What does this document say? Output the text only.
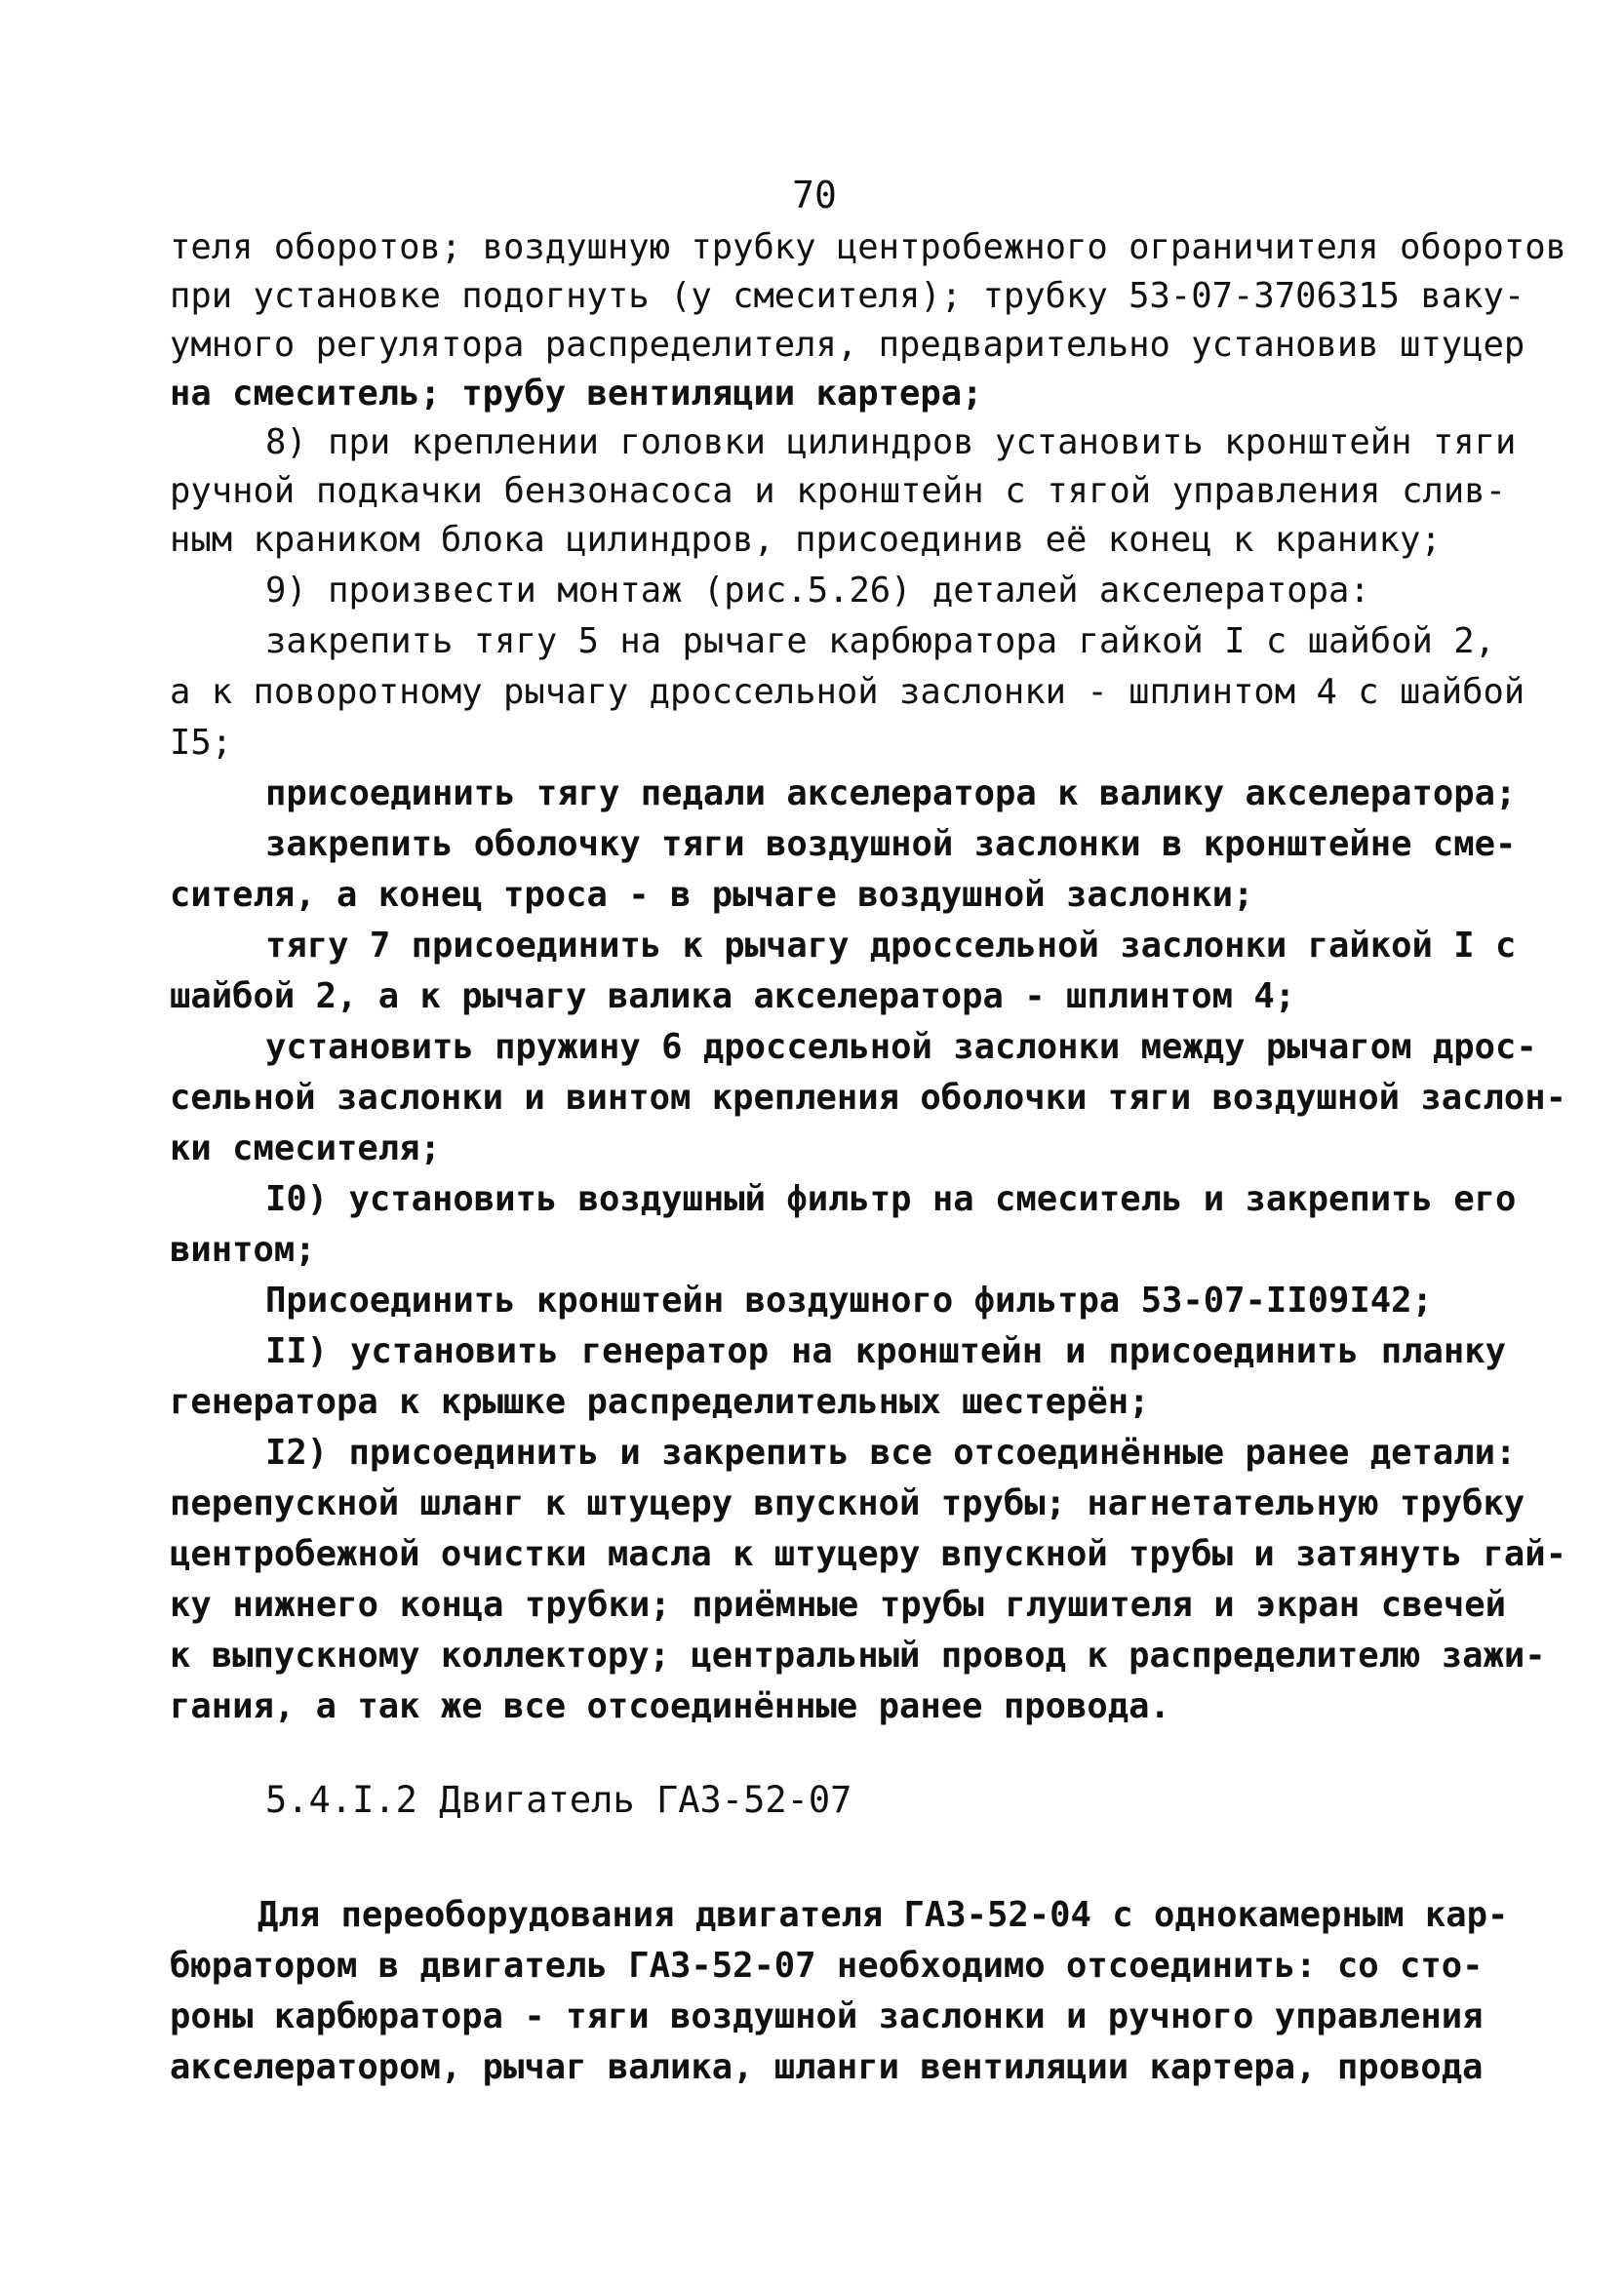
70
теля оборотов; воздушную трубку центробежного ограничителя оборотов
при установке подогнуть (у смесителя); трубку 53-07-3706315 ваку-
умного регулятора распределителя, предварительно установив штуцер
на смеситель; трубу вентиляции картера;
8) при креплении головки цилиндров установить кронштейн тяги
ручной подкачки бензонасоса и кронштейн с тягой управления слив-
ным краником блока цилиндров, присоединив её конец к кранику;
9) произвести монтаж (рис.5.26) деталей акселератора:
закрепить тягу 5 на рычаге карбюратора гайкой I с шайбой 2,
а к поворотному рычагу дроссельной заслонки - шплинтом 4 с шайбой
I5;
присоединить тягу педали акселератора к валику акселератора;
закрепить оболочку тяги воздушной заслонки в кронштейне сме-
сителя, а конец троса - в рычаге воздушной заслонки;
тягу 7 присоединить к рычагу дроссельной заслонки гайкой I с
шайбой 2, а к рычагу валика акселератора - шплинтом 4;
установить пружину 6 дроссельной заслонки между рычагом дрос-
сельной заслонки и винтом крепления оболочки тяги воздушной заслон-
ки смесителя;
I0) установить воздушный фильтр на смеситель и закрепить его
винтом;
Присоединить кронштейн воздушного фильтра 53-07-II09I42;
II) установить генератор на кронштейн и присоединить планку
генератора к крышке распределительных шестерён;
I2) присоединить и закрепить все отсоединённые ранее детали:
перепускной шланг к штуцеру впускной трубы; нагнетательную трубку
центробежной очистки масла к штуцеру впускной трубы и затянуть гай-
ку нижнего конца трубки; приёмные трубы глушителя и экран свечей
к выпускному коллектору; центральный провод к распределителю зажи-
гания, а так же все отсоединённые ранее провода.
5.4.I.2 Двигатель ГАЗ-52-07
Для переоборудования двигателя ГАЗ-52-04 с однокамерным кар-
бюратором в двигатель ГАЗ-52-07 необходимо отсоединить: со сто-
роны карбюратора - тяги воздушной заслонки и ручного управления
акселератором, рычаг валика, шланги вентиляции картера, провода
